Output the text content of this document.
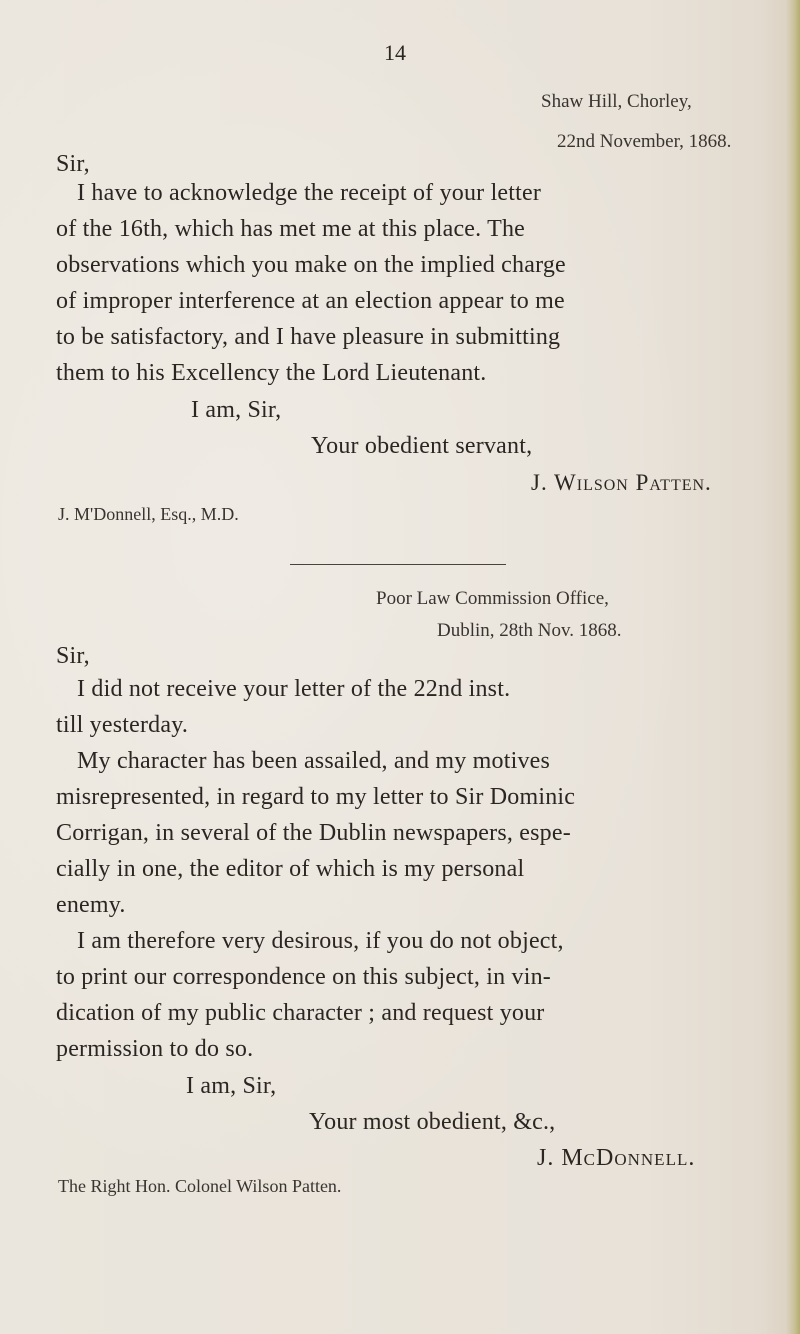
14
Shaw Hill, Chorley,
22nd November, 1868.
Sir,
I have to acknowledge the receipt of your letter
of the 16th, which has met me at this place. The
observations which you make on the implied charge
of improper interference at an election appear to me
to be satisfactory, and I have pleasure in submitting
them to his Excellency the Lord Lieutenant.
I am, Sir,
Your obedient servant,
J. Wilson Patten.
J. M'Donnell, Esq., M.D.
Poor Law Commission Office,
Dublin, 28th Nov. 1868.
Sir,
I did not receive your letter of the 22nd inst.
till yesterday.
My character has been assailed, and my motives
misrepresented, in regard to my letter to Sir Dominic
Corrigan, in several of the Dublin newspapers, espe-
cially in one, the editor of which is my personal
enemy.
I am therefore very desirous, if you do not object,
to print our correspondence on this subject, in vin-
dication of my public character ; and request your
permission to do so.
I am, Sir,
Your most obedient, &c.,
J. McDonnell.
The Right Hon. Colonel Wilson Patten.
